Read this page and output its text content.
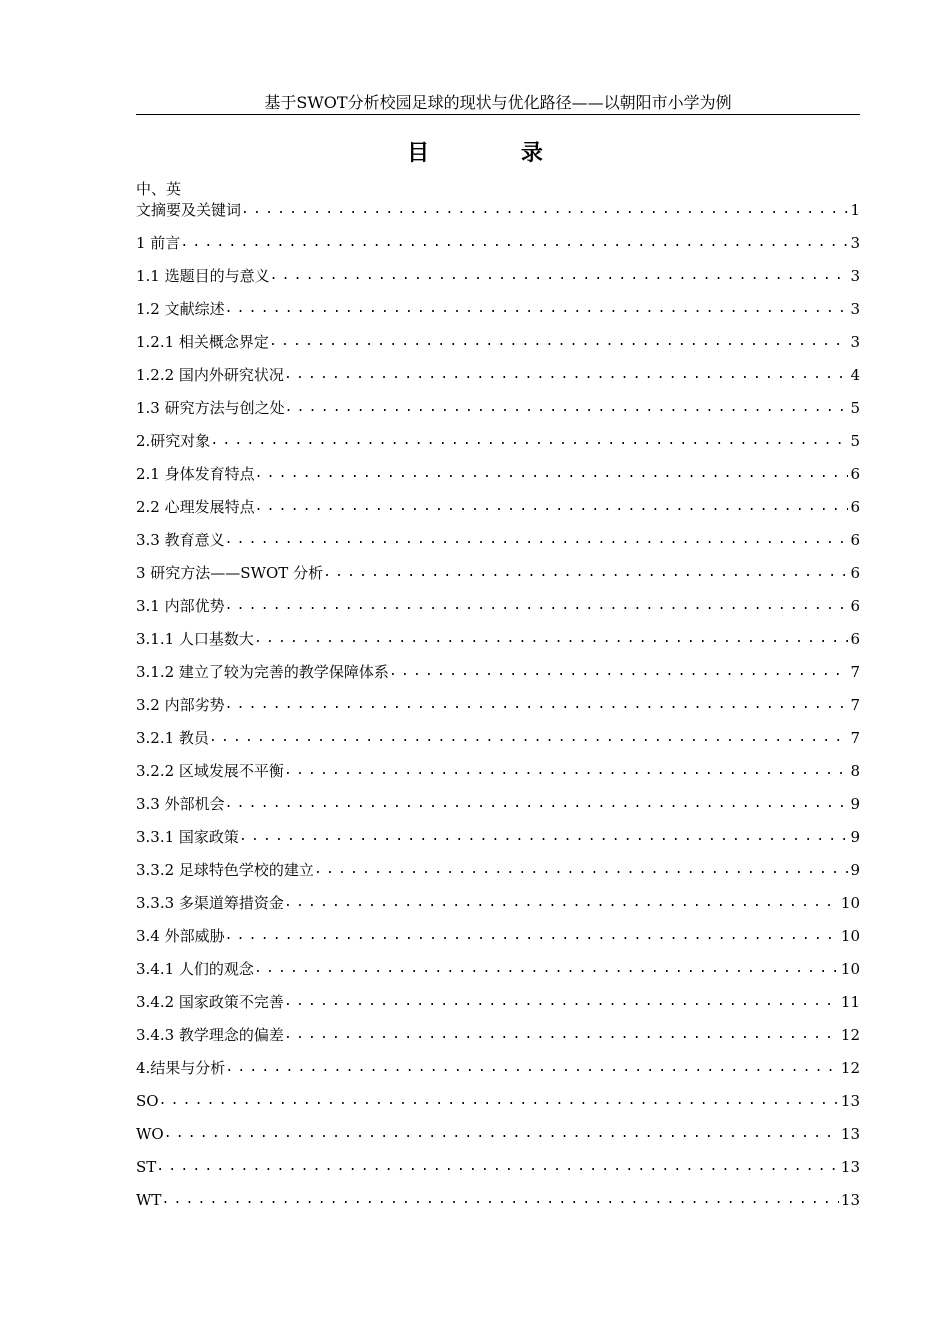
基于SWOT分析校园足球的现状与优化路径——以朝阳市小学为例
目 录
中、英
文摘要及关键词 .....	1
1 前言 .....	3
1.1 选题目的与意义 .....	3
1.2 文献综述 .....	3
1.2.1 相关概念界定 .....	3
1.2.2 国内外研究状况 .....	4
1.3 研究方法与创之处 .....	5
2.研究对象 .....	5
2.1 身体发育特点 .....	6
2.2 心理发展特点 .....	6
3.3 教育意义 .....	6
3 研究方法——SWOT 分析 .....	6
3.1 内部优势 .....	6
3.1.1 人口基数大 .....	6
3.1.2 建立了较为完善的教学保障体系 .....	7
3.2 内部劣势 .....	7
3.2.1 教员 .....	7
3.2.2 区域发展不平衡 .....	8
3.3 外部机会 .....	9
3.3.1 国家政策 .....	9
3.3.2 足球特色学校的建立 .....	9
3.3.3 多渠道筹措资金 .....	10
3.4 外部威胁 .....	10
3.4.1 人们的观念 .....	10
3.4.2 国家政策不完善 .....	11
3.4.3 教学理念的偏差 .....	12
4.结果与分析 .....	12
SO .....	13
WO .....	13
ST .....	13
WT .....	13
